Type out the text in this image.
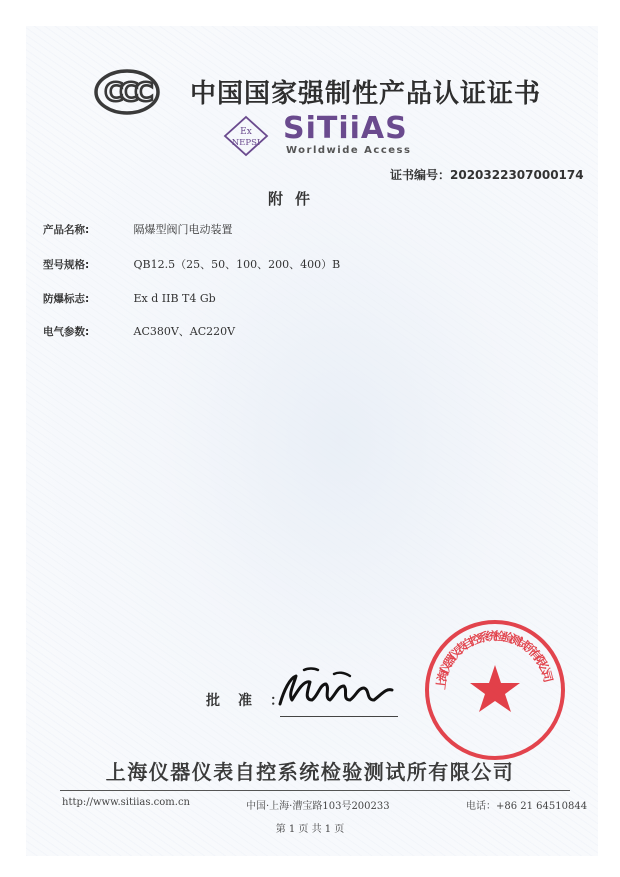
CCC 中国国家强制性产品认证证书
Ex
NEPSI SiTiiAS
Worldwide Access
证书编号：2020322307000174
附件
产品名称:	隔爆型阀门电动装置
型号规格:	QB12.5（25、50、100、200、400）B
防爆标志:	Ex d IIB T4 Gb
电气参数:	AC380V、AC220V
批准：
上海仪器仪表自控系统检验测试所有限公司
上海仪器仪表自控系统检验测试所有限公司
http://www.sitiias.com.cn	中国·上海·漕宝路103号200233	电话：+86 21 64510844
第 1 页 共 1 页
